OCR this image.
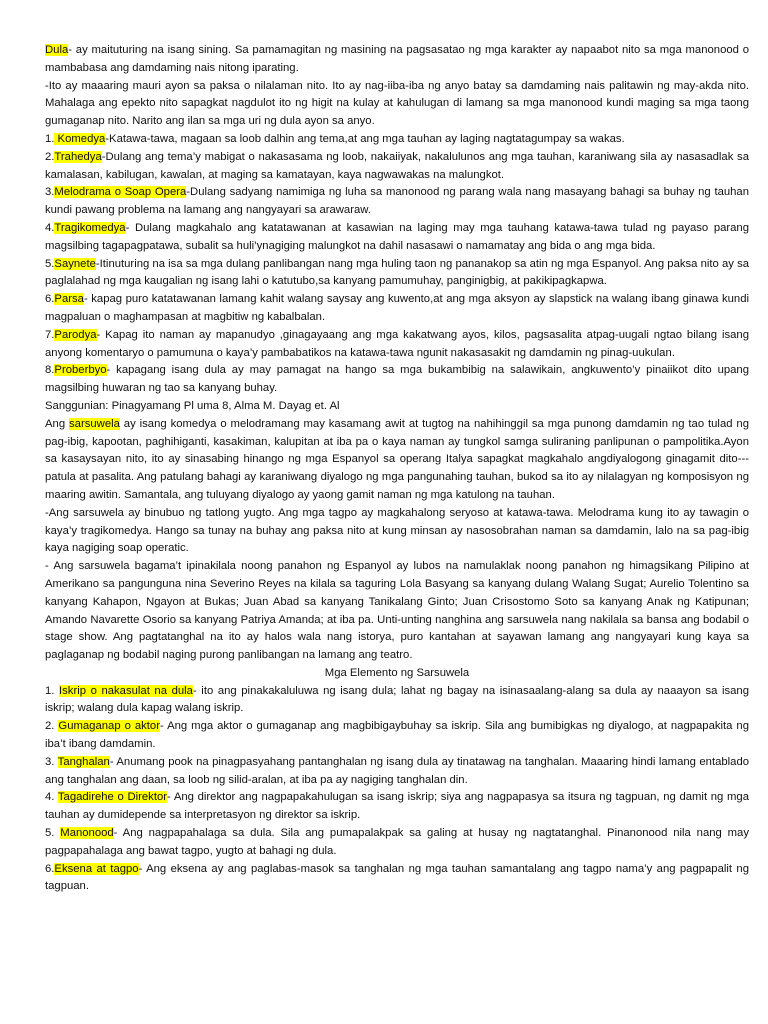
Dula- ay maituturing na isang sining. Sa pamamagitan ng masining na pagsasatao ng mga karakter ay napaabot nito sa mga manonood o mambabasa ang damdaming nais nitong iparating.

-Ito ay maaaring mauri ayon sa paksa o nilalaman nito. Ito ay nag-iiba-iba ng anyo batay sa damdaming nais palitawin ng may-akda nito. Mahalaga ang epekto nito sapagkat nagdulot ito ng higit na kulay at kahulugan di lamang sa mga manonood kundi maging sa mga taong gumaganap nito. Narito ang ilan sa mga uri ng dula ayon sa anyo.

1. Komedya-Katawa-tawa, magaan sa loob dalhin ang tema,at ang mga tauhan ay laging nagtatagumpay sa wakas.

2.Trahedya-Dulang ang tema’y mabigat o nakasasama ng loob, nakaiiyak, nakalulunos ang mga tauhan, karaniwang sila ay nasasadlak sa kamalasan, kabilugan, kawalan, at maging sa kamatayan, kaya nagwawakas na malungkot.

3.Melodrama o Soap Opera-Dulang sadyang namimiga ng luha sa manonood ng parang wala nang masayang bahagi sa buhay ng tauhan kundi pawang problema na lamang ang nangyayari sa arawaraw.

4.Tragikomedya- Dulang magkahalo ang katatawanan at kasawian na laging may mga tauhang katawa-tawa tulad ng payaso parang magsilbing tagapagpatawa, subalit sa huli’ynagiging malungkot na dahil nasasawi o namamatay ang bida o ang mga bida.

5.Saynete-Itinuturing na isa sa mga dulang panlibangan nang mga huling taon ng pananakop sa atin ng mga Espanyol. Ang paksa nito ay sa paglalahad ng mga kaugalian ng isang lahi o katutubo,sa kanyang pamumuhay, panginigbig, at pakikipagkapwa.

6.Parsa- kapag puro katatawanan lamang kahit walang saysay ang kuwento,at ang mga aksyon ay slapstick na walang ibang ginawa kundi magpaluan o maghampasan at magbitiw ng kabalbalan.

7.Parodya- Kapag ito naman ay mapanudyo ,ginagayaang ang mga kakatwang ayos, kilos, pagsasalita atpag-uugali ngtao bilang isang anyong komentaryo o pamumuna o kaya’y pambabatikos na katawa-tawa ngunit nakasasakit ng damdamin ng pinag-uukulan.

8.Proberbyo- kapagang isang dula ay may pamagat na hango sa mga bukambibig na salawikain, angkuwento’y pinaiikot dito upang magsilbing huwaran ng tao sa kanyang buhay.

Sanggunian: Pinagyamang Pl uma 8, Alma M. Dayag et. Al

Ang sarsuwela ay isang komedya o melodramang may kasamang awit at tugtog na nahihinggil sa mga punong damdamin ng tao tulad ng pag-ibig, kapootan, paghihiganti, kasakiman, kalupitan at iba pa o kaya naman ay tungkol samga suliraning panlipunan o pampolitika.Ayon sa kasaysayan nito, ito ay sinasabing hinango ng mga Espanyol sa operang Italya sapagkat magkahalo angdiyalogong ginagamit dito---patula at pasalita. Ang patulang bahagi ay karaniwang diyalogo ng mga pangunahing tauhan, bukod sa ito ay nilalagyan ng komposisyon ng maaring awitin. Samantala, ang tuluyang diyalogo ay yaong gamit naman ng mga katulong na tauhan.

-Ang sarsuwela ay binubuo ng tatlong yugto. Ang mga tagpo ay magkahalong seryoso at katawa-tawa. Melodrama kung ito ay tawagin o kaya’y tragikomedya. Hango sa tunay na buhay ang paksa nito at kung minsan ay nasosobrahan naman sa damdamin, lalo na sa pag-ibig kaya nagiging soap operatic.

- Ang sarsuwela bagama’t ipinakilala noong panahon ng Espanyol ay lubos na namulaklak noong panahon ng himagsikang Pilipino at Amerikano sa pangunguna nina Severino Reyes na kilala sa taguring Lola Basyang sa kanyang dulang Walang Sugat; Aurelio Tolentino sa kanyang Kahapon, Ngayon at Bukas; Juan Abad sa kanyang Tanikalang Ginto; Juan Crisostomo Soto sa kanyang Anak ng Katipunan; Amando Navarette Osorio sa kanyang Patriya Amanda; at iba pa. Unti-unting nanghina ang sarsuwela nang nakilala sa bansa ang bodabil o stage show. Ang pagtatanghal na ito ay halos wala nang istorya, puro kantahan at sayawan lamang ang nangyayari kung kaya sa paglaganap ng bodabil naging purong panlibangan na lamang ang teatro.

Mga Elemento ng Sarsuwela

1. Iskrip o nakasulat na dula- ito ang pinakakaluluwa ng isang dula; lahat ng bagay na isinasaalang-alang sa dula ay naaayon sa isang iskrip; walang dula kapag walang iskrip.

2. Gumaganap o aktor- Ang mga aktor o gumaganap ang magbibigaybuhay sa iskrip. Sila ang bumibigkas ng diyalogo, at nagpapakita ng iba’t ibang damdamin.

3. Tanghalan- Anumang pook na pinagpasyahang pantanghalan ng isang dula ay tinatawag na tanghalan. Maaaring hindi lamang entablado ang tanghalan ang daan, sa loob ng silid-aralan, at iba pa ay nagiging tanghalan din.

4. Tagadirehe o Direktor- Ang direktor ang nagpapakahulugan sa isang iskrip; siya ang nagpapasya sa itsura ng tagpuan, ng damit ng mga tauhan ay dumidepende sa interpretasyon ng direktor sa iskrip.

5. Manonood- Ang nagpapahalaga sa dula. Sila ang pumapalakpak sa galing at husay ng nagtatanghal. Pinanonood nila nang may pagpapahalaga ang bawat tagpo, yugto at bahagi ng dula.

6.Eksena at tagpo- Ang eksena ay ang paglabas-masok sa tanghalan ng mga tauhan samantalang ang tagpo nama’y ang pagpapalit ng tagpuan.
